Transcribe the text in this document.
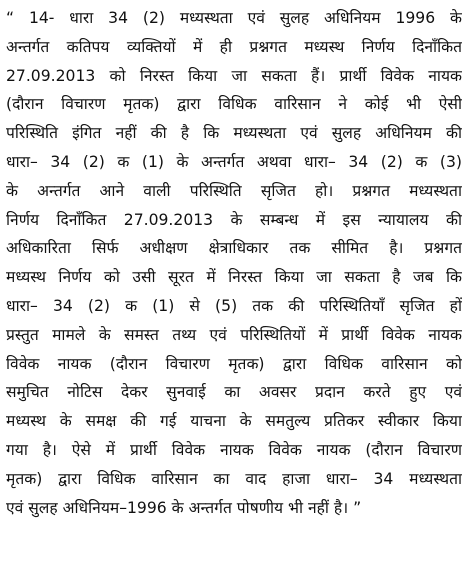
“ 14- धारा 34 (2) मध्यस्थता एवं सुलह अधिनियम 1996 के
अन्तर्गत कतिपय व्यक्तियों में ही प्रश्नगत मध्यस्थ निर्णय दिनाँकित
27.09.2013 को निरस्त किया जा सकता हैं। प्रार्थी विवेक नायक
(दौरान विचारण मृतक) द्वारा विधिक वारिसान ने कोई भी ऐसी
परिस्थिति इंगित नहीं की है कि मध्यस्थता एवं सुलह अधिनियम की
धारा– 34 (2) क (1) के अन्तर्गत अथवा धारा– 34 (2) क (3)
के अन्तर्गत आने वाली परिस्थिति सृजित हो। प्रश्नगत मध्यस्थता
निर्णय दिनाँकित 27.09.2013 के सम्बन्ध में इस न्यायालय की
अधिकारिता सिर्फ अधीक्षण क्षेत्राधिकार तक सीमित है। प्रश्नगत
मध्यस्थ निर्णय को उसी सूरत में निरस्त किया जा सकता है जब कि
धारा– 34 (2) क (1) से (5) तक की परिस्थितियाँ सृजित हों
प्रस्तुत मामले के समस्त तथ्य एवं परिस्थितियों में प्रार्थी विवेक नायक
विवेक नायक (दौरान विचारण मृतक) द्वारा विधिक वारिसान को
समुचित नोटिस देकर सुनवाई का अवसर प्रदान करते हुए एवं
मध्यस्थ के समक्ष की गई याचना के समतुल्य प्रतिकर स्वीकार किया
गया है। ऐसे में प्रार्थी विवेक नायक विवेक नायक (दौरान विचारण
मृतक) द्वारा विधिक वारिसान का वाद हाजा धारा– 34 मध्यस्थता
एवं सुलह अधिनियम–1996 के अन्तर्गत पोषणीय भी नहीं है। ”
